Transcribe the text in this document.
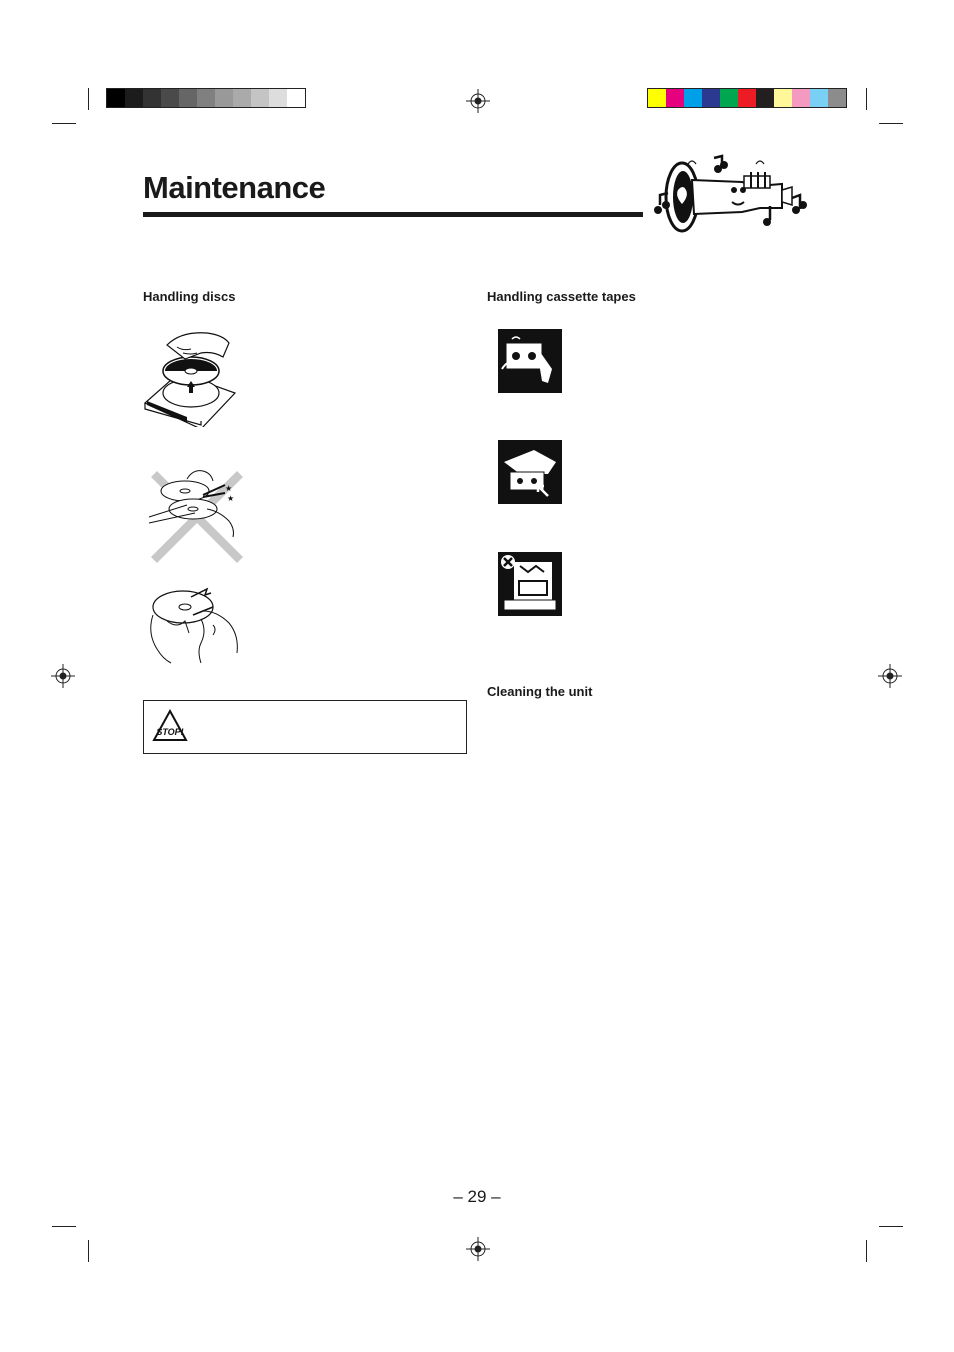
Maintenance
Handling discs	Handling cassette tapes
Cleaning the unit
★
★
STOP!
– 29 –
